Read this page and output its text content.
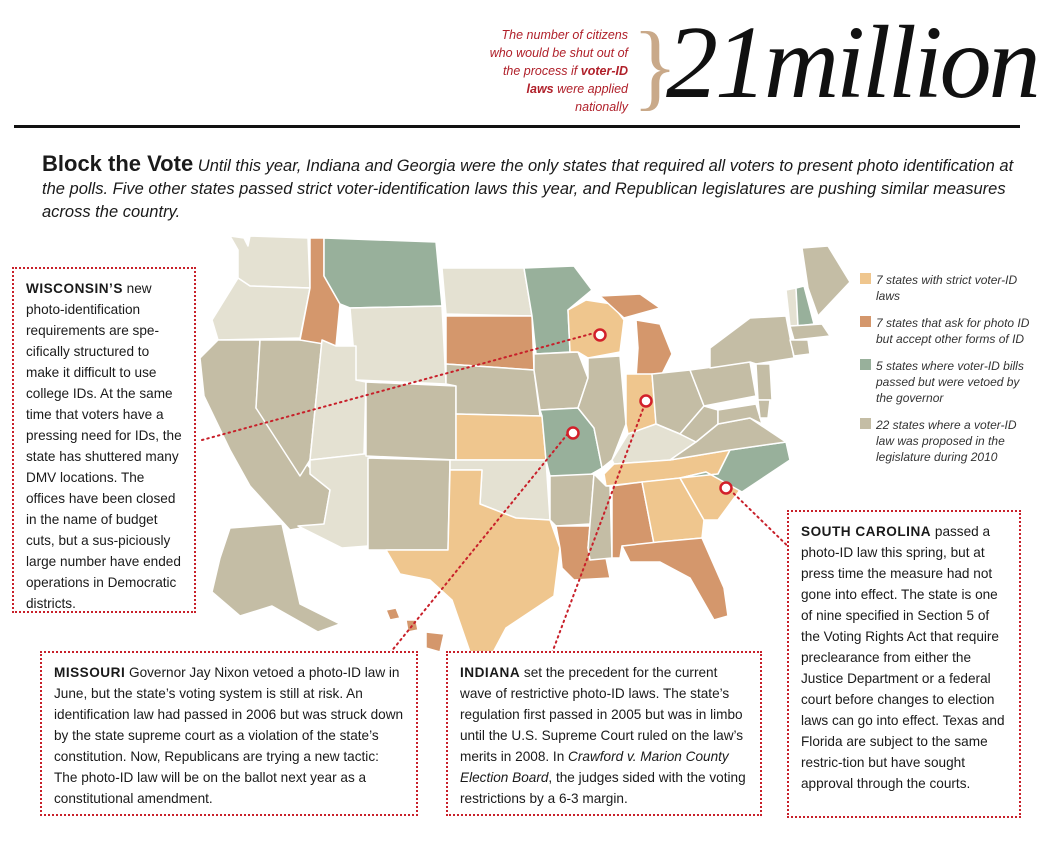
The number of citizens who would be shut out of the process if voter-ID laws were applied nationally }
21million
Block the Vote Until this year, Indiana and Georgia were the only states that required all voters to present photo identification at the polls. Five other states passed strict voter-identification laws this year, and Republican legislatures are pushing similar measures across the country.
7 states with strict voter-ID laws
7 states that ask for photo ID but accept other forms of ID
5 states where voter-ID bills passed but were vetoed by the governor
22 states where a voter-ID law was proposed in the legislature during 2010
WISCONSIN’S new photo-identification requirements are spe-cifically structured to make it difficult to use college IDs. At the same time that voters have a pressing need for IDs, the state has shuttered many DMV locations. The offices have been closed in the name of budget cuts, but a sus-piciously large number have ended operations in Democratic districts.
MISSOURI Governor Jay Nixon vetoed a photo-ID law in June, but the state’s voting system is still at risk. An identification law had passed in 2006 but was struck down by the state supreme court as a violation of the state’s constitution. Now, Republicans are trying a new tactic: The photo-ID law will be on the ballot next year as a constitutional amendment.
INDIANA set the precedent for the current wave of restrictive photo-ID laws. The state’s regulation first passed in 2005 but was in limbo until the U.S. Supreme Court ruled on the law’s merits in 2008. In Crawford v. Marion County Election Board, the judges sided with the voting restrictions by a 6-3 margin.
SOUTH CAROLINA passed a photo-ID law this spring, but at press time the measure had not gone into effect. The state is one of nine specified in Section 5 of the Voting Rights Act that require preclearance from either the Justice Department or a federal court before changes to election laws can go into effect. Texas and Florida are subject to the same restric-tion but have sought approval through the courts.
